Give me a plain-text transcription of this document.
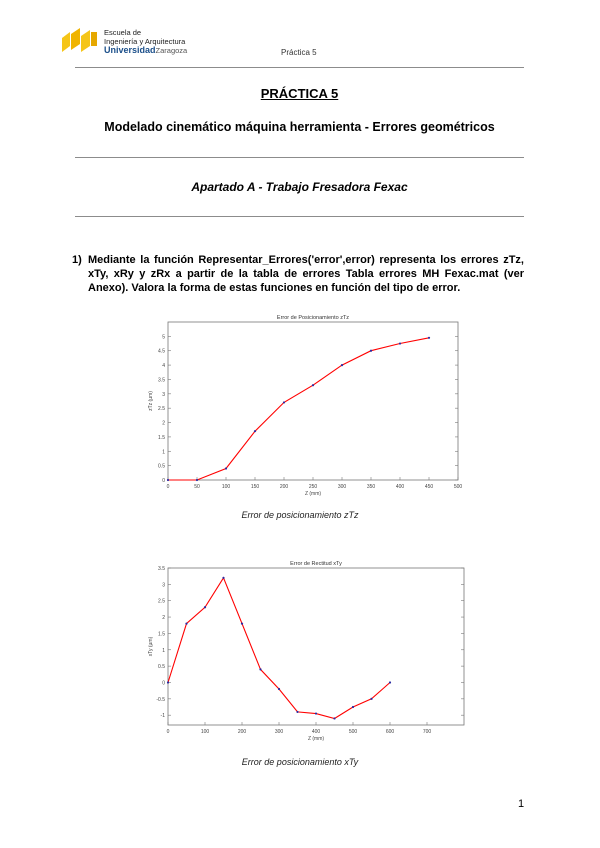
Escuela de
Ingeniería y Arquitectura
UniversidadZaragoza	Práctica 5
PRÁCTICA 5
Modelado cinemático máquina herramienta - Errores geométricos
Apartado A - Trabajo Fresadora Fexac
1) Mediante la función Representar_Errores('error',error) representa los errores zTz, xTy, xRy y zRx a partir de la tabla de errores Tabla errores MH Fexac.mat (ver Anexo). Valora la forma de estas funciones en función del tipo de error.
Error de Posicionamiento zTz
0	50	100	150	200	250	300	350	400	450	500
0
0.5
1
1.5
2
2.5
3
3.5
4
4.5
5
Z (mm)
zTz (µm)
Error de posicionamiento zTz
Error de Rectitud xTy
0	100	200	300	400	500	600	700
-1
-0.5
0
0.5
1
1.5
2
2.5
3
3.5
Z (mm)
xTy (µm)
Error de posicionamiento xTy
1
